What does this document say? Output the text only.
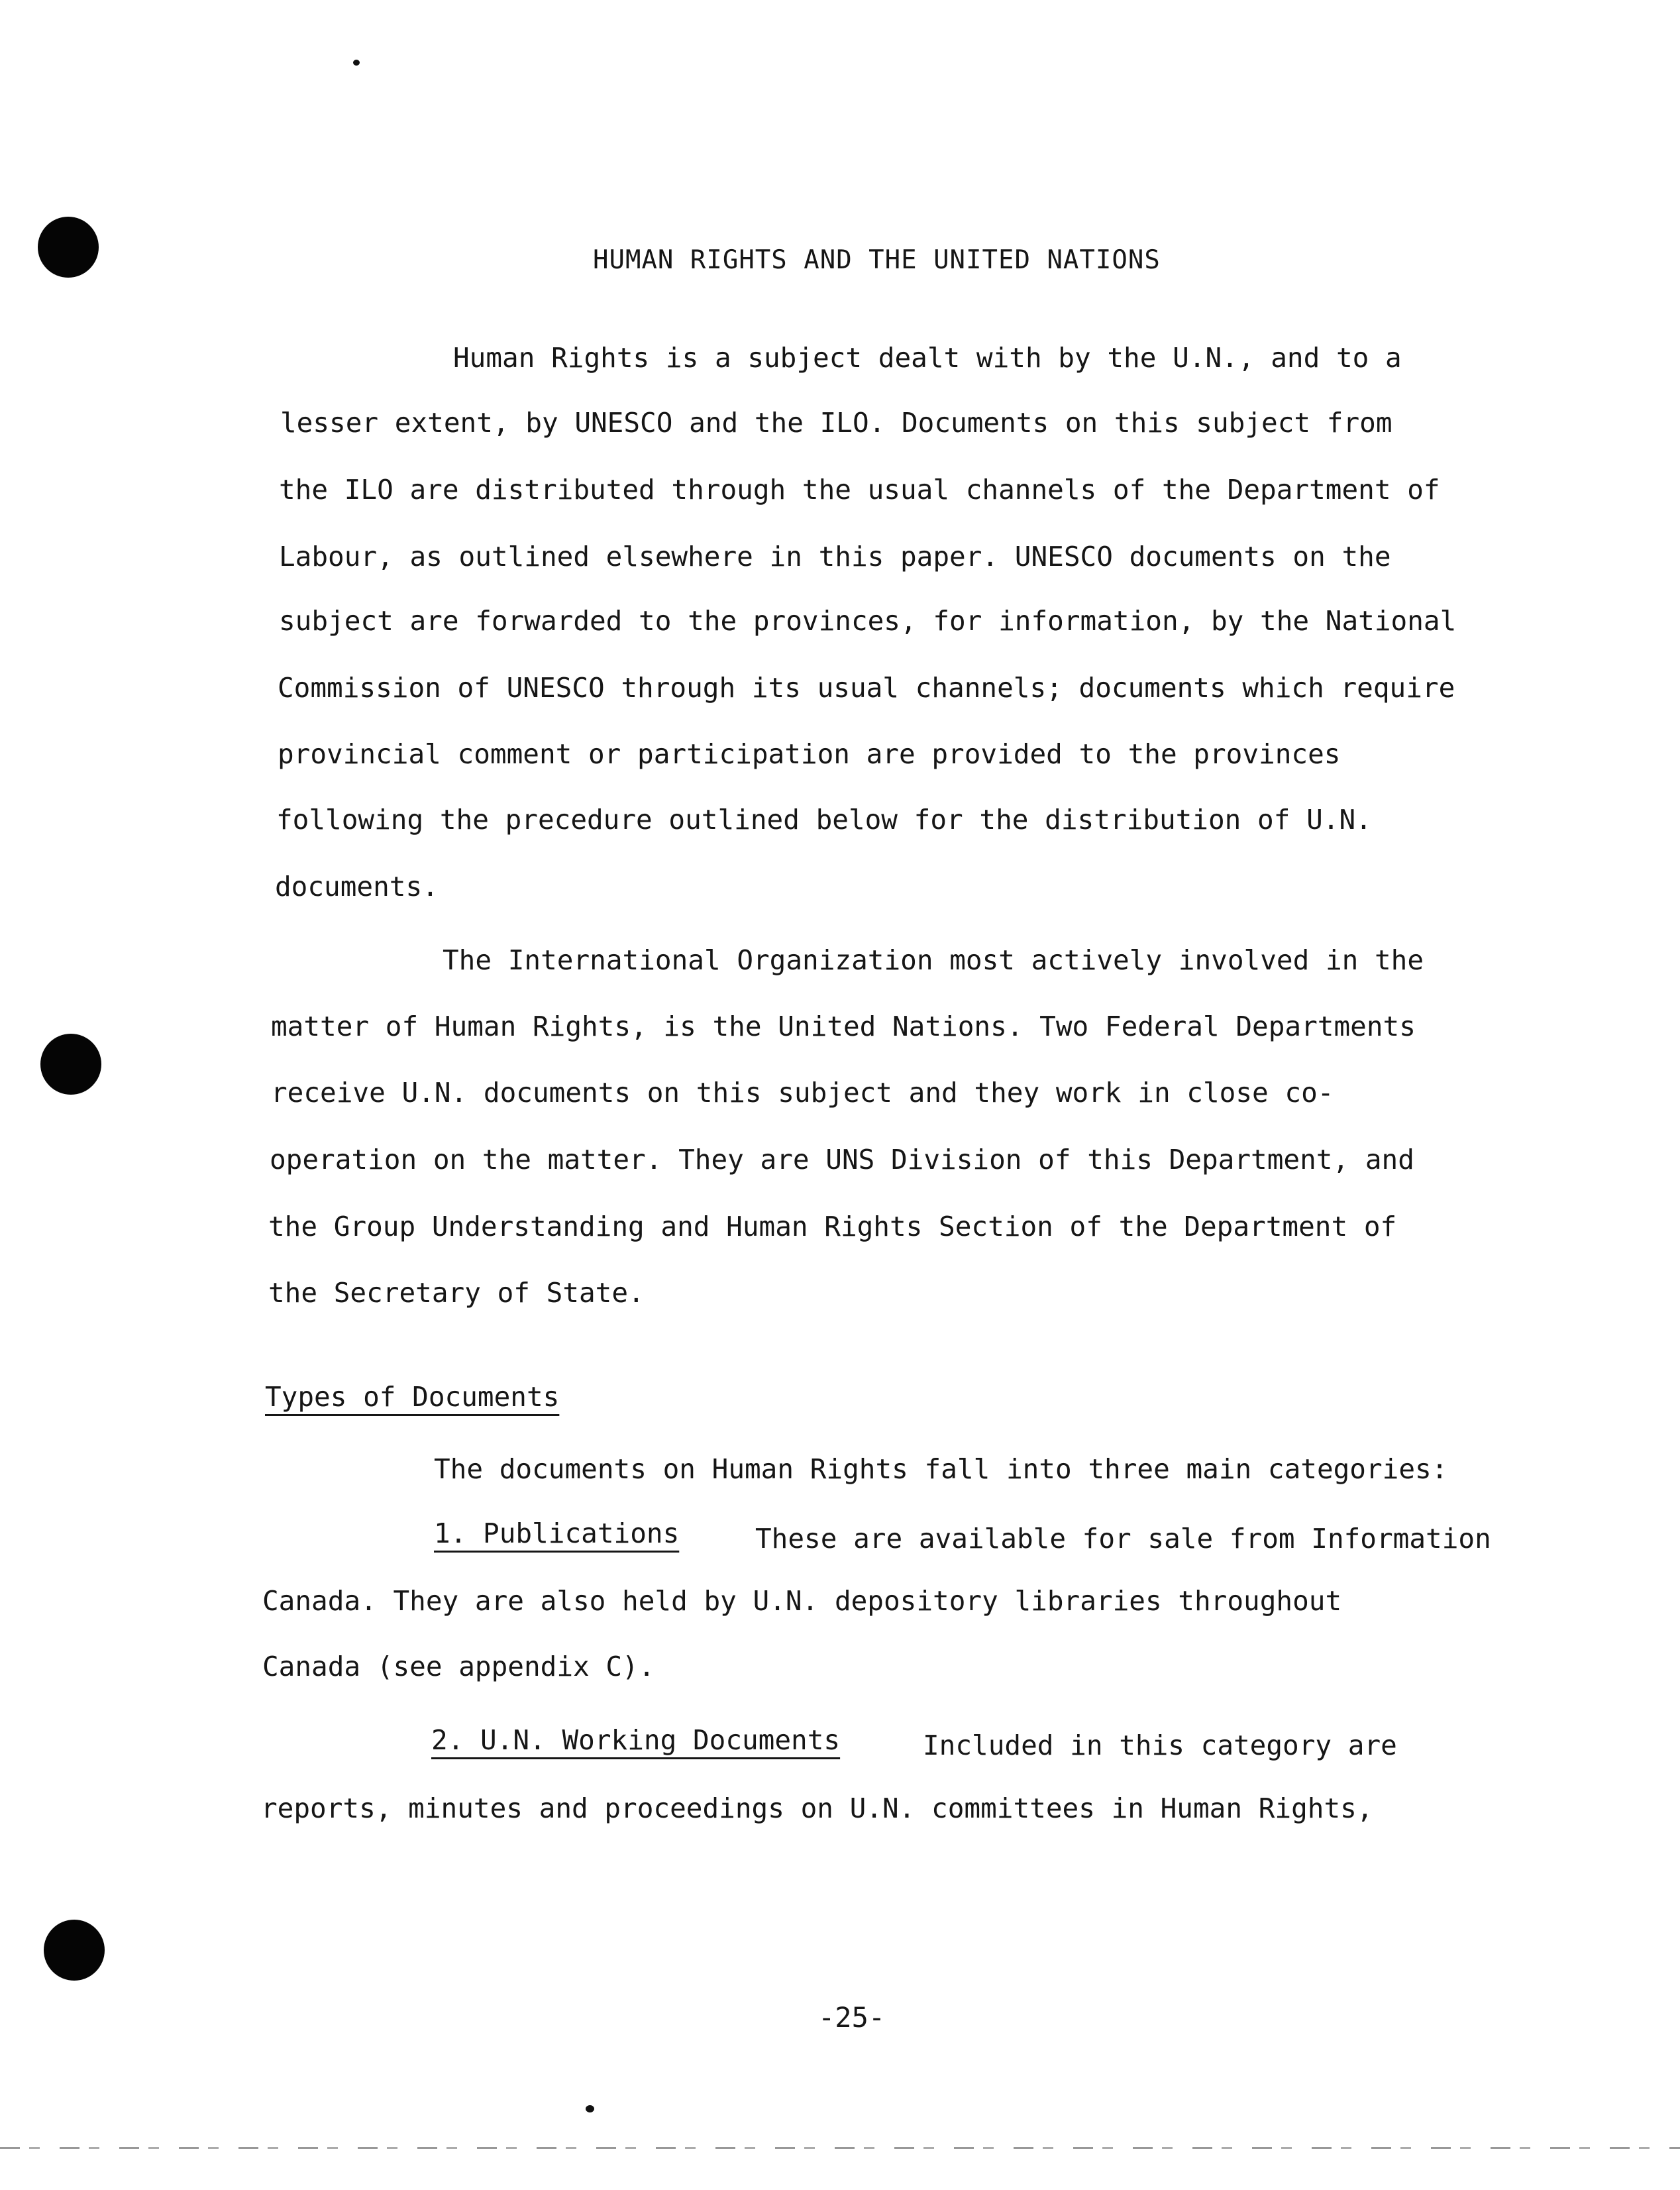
HUMAN RIGHTS AND THE UNITED NATIONS
Human Rights is a subject dealt with by the U.N., and to a
lesser extent, by UNESCO and the ILO. Documents on this subject from
the ILO are distributed through the usual channels of the Department of
Labour, as outlined elsewhere in this paper. UNESCO documents on the
subject are forwarded to the provinces, for information, by the National
Commission of UNESCO through its usual channels; documents which require
provincial comment or participation are provided to the provinces
following the precedure outlined below for the distribution of U.N.
documents.
The International Organization most actively involved in the
matter of Human Rights, is the United Nations. Two Federal Departments
receive U.N. documents on this subject and they work in close co-
operation on the matter. They are UNS Division of this Department, and
the Group Understanding and Human Rights Section of the Department of
the Secretary of State.
Types of Documents
The documents on Human Rights fall into three main categories:
1. Publications	These are available for sale from Information
Canada. They are also held by U.N. depository libraries throughout
Canada (see appendix C).
2. U.N. Working Documents	Included in this category are
reports, minutes and proceedings on U.N. committees in Human Rights,
-25-
